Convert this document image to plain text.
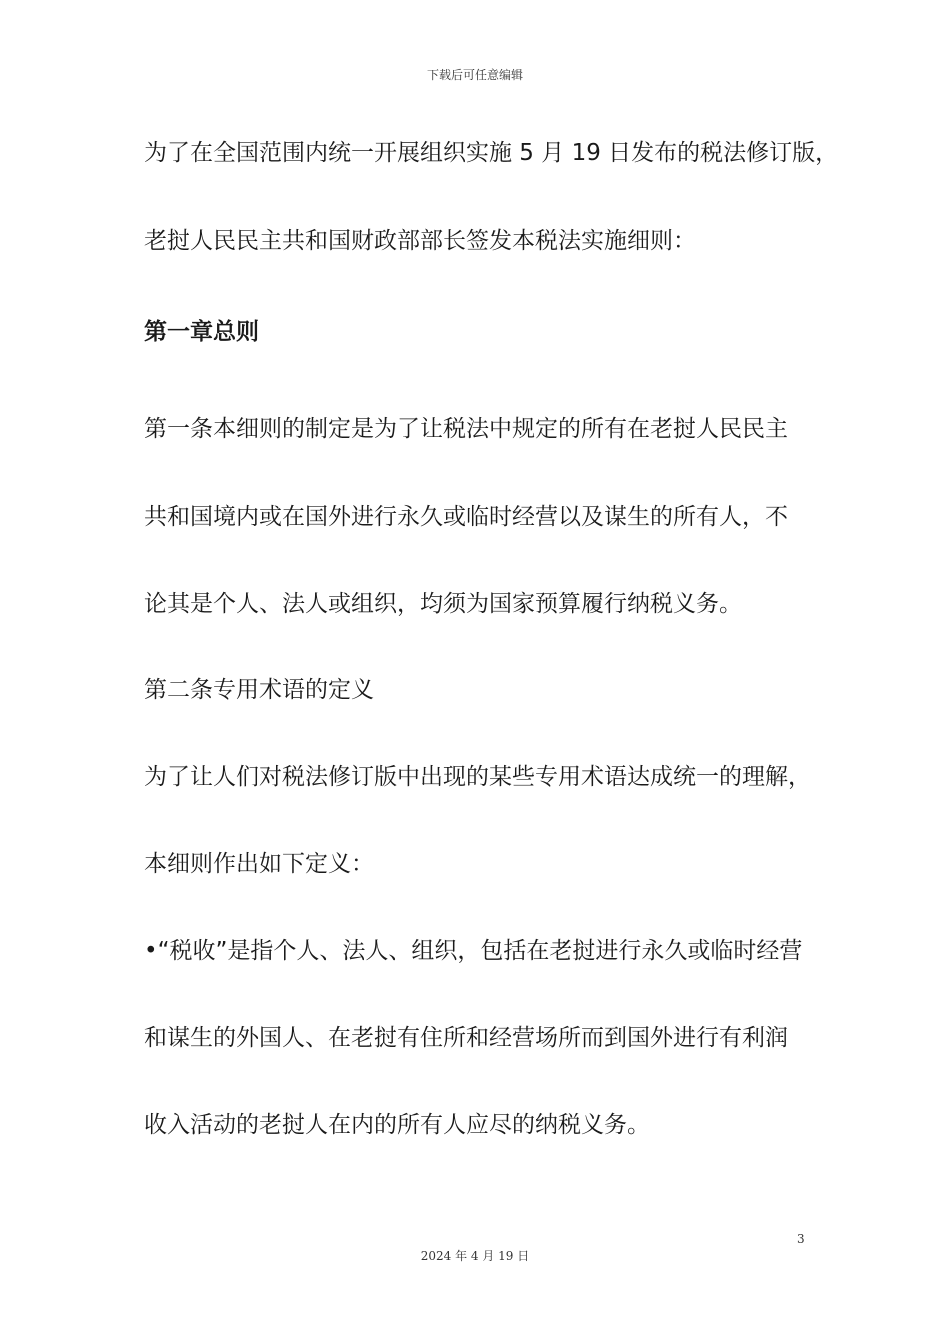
下载后可任意编辑
为了在全国范围内统一开展组织实施 5 月 19 日发布的税法修订版，
老挝人民民主共和国财政部部长签发本税法实施细则：
第一章总则
第一条本细则的制定是为了让税法中规定的所有在老挝人民民主
共和国境内或在国外进行永久或临时经营以及谋生的所有人，不
论其是个人、法人或组织，均须为国家预算履行纳税义务。
第二条专用术语的定义
为了让人们对税法修订版中出现的某些专用术语达成统一的理解，
本细则作出如下定义：
•“税收”是指个人、法人、组织，包括在老挝进行永久或临时经营
和谋生的外国人、在老挝有住所和经营场所而到国外进行有利润
收入活动的老挝人在内的所有人应尽的纳税义务。
3
2024 年 4 月 19 日
